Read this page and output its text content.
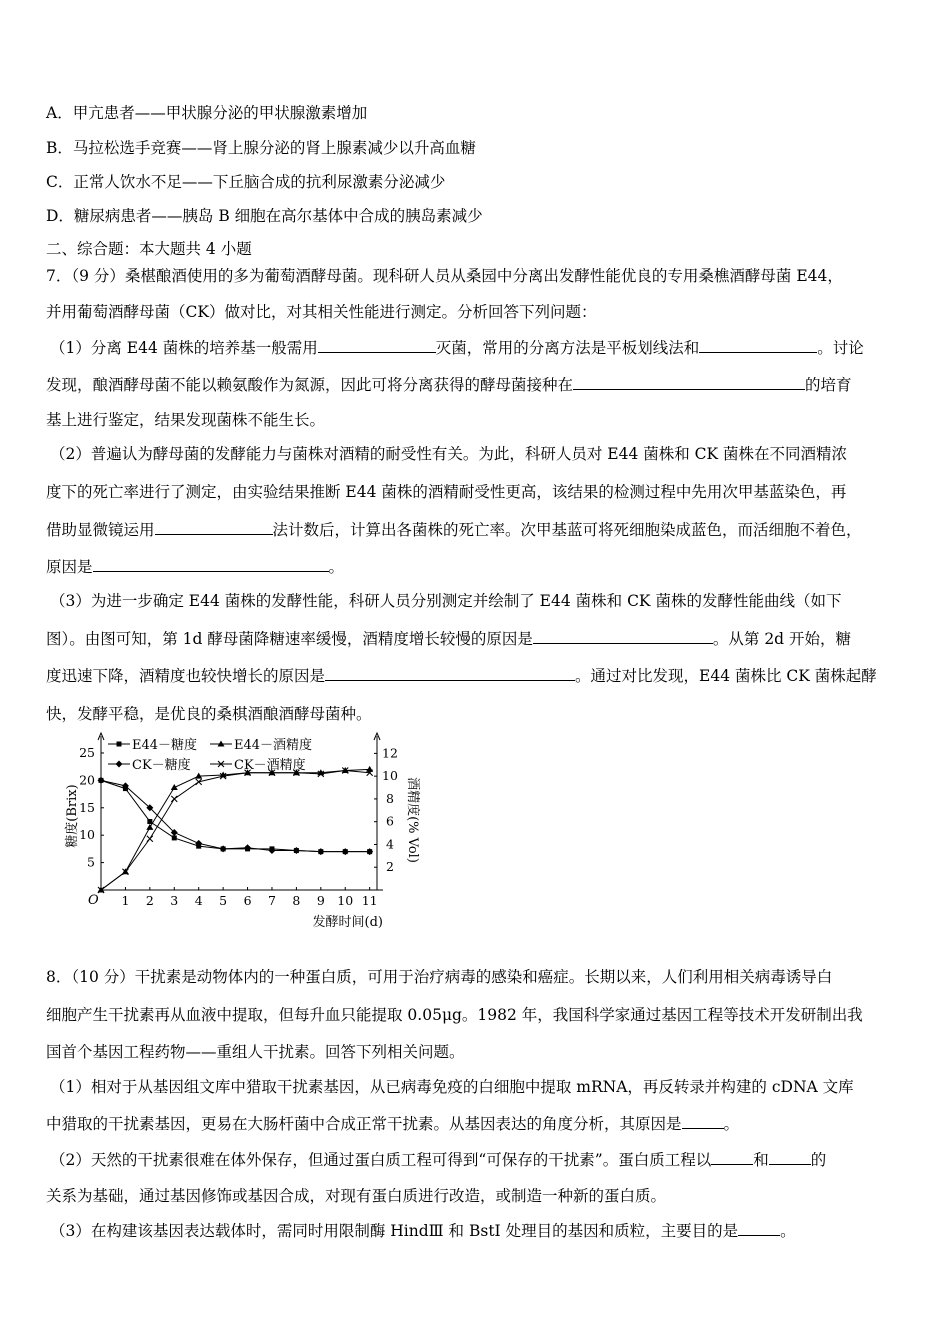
A．甲亢患者——甲状腺分泌的甲状腺激素增加
B．马拉松选手竞赛——肾上腺分泌的肾上腺素减少以升高血糖
C．正常人饮水不足——下丘脑合成的抗利尿激素分泌减少
D．糖尿病患者——胰岛 B 细胞在高尔基体中合成的胰岛素减少
二、综合题：本大题共 4 小题
7．（9 分）桑椹酿酒使用的多为葡萄酒酵母菌。现科研人员从桑园中分离出发酵性能优良的专用桑樵酒酵母菌 E44，
并用葡萄酒酵母菌（CK）做对比，对其相关性能进行测定。分析回答下列问题：
（1）分离 E44 菌株的培养基一般需用	灭菌，常用的分离方法是平板划线法和	。讨论
发现，酿酒酵母菌不能以赖氨酸作为氮源，因此可将分离获得的酵母菌接种在	的培育
基上进行鉴定，结果发现菌株不能生长。
（2）普遍认为酵母菌的发酵能力与菌株对酒精的耐受性有关。为此，科研人员对 E44 菌株和 CK 菌株在不同酒精浓
度下的死亡率进行了测定，由实验结果推断 E44 菌株的酒精耐受性更高，该结果的检测过程中先用次甲基蓝染色，再
借助显微镜运用	法计数后，计算出各菌株的死亡率。次甲基蓝可将死细胞染成蓝色，而活细胞不着色，
原因是	。
（3）为进一步确定 E44 菌株的发酵性能，科研人员分别测定并绘制了 E44 菌株和 CK 菌株的发酵性能曲线（如下
图）。由图可知，第 1d 酵母菌降糖速率缓慢，酒精度增长较慢的原因是	。从第 2d 开始，糖
度迅速下降，酒精度也较快增长的原因是	。通过对比发现，E44 菌株比 CK 菌株起酵
快，发酵平稳，是优良的桑棋酒酿酒酵母菌种。
O 1 2 3 4 5 6 7 8 9 10 11
5
10
15
20
25
2
4
6
8
10
12
糖度(Brix)	酒精度(% Vol)
发酵时间(d)
E44－糖度	E44－酒精度
CK－糖度	CK－酒精度
8．（10 分）干扰素是动物体内的一种蛋白质，可用于治疗病毒的感染和癌症。长期以来，人们利用相关病毒诱导白
细胞产生干扰素再从血液中提取，但每升血只能提取 0.05μg。1982 年，我国科学家通过基因工程等技术开发研制出我
国首个基因工程药物——重组人干扰素。回答下列相关问题。
（1）相对于从基因组文库中猎取干扰素基因，从已病毒免疫的白细胞中提取 mRNA，再反转录并构建的 cDNA 文库
中猎取的干扰素基因，更易在大肠杆菌中合成正常干扰素。从基因表达的角度分析，其原因是	。
（2）天然的干扰素很难在体外保存，但通过蛋白质工程可得到“可保存的干扰素”。蛋白质工程以	和	的
关系为基础，通过基因修饰或基因合成，对现有蛋白质进行改造，或制造一种新的蛋白质。
（3）在构建该基因表达载体时，需同时用限制酶 HindⅢ 和 BstⅠ 处理目的基因和质粒，主要目的是	。
